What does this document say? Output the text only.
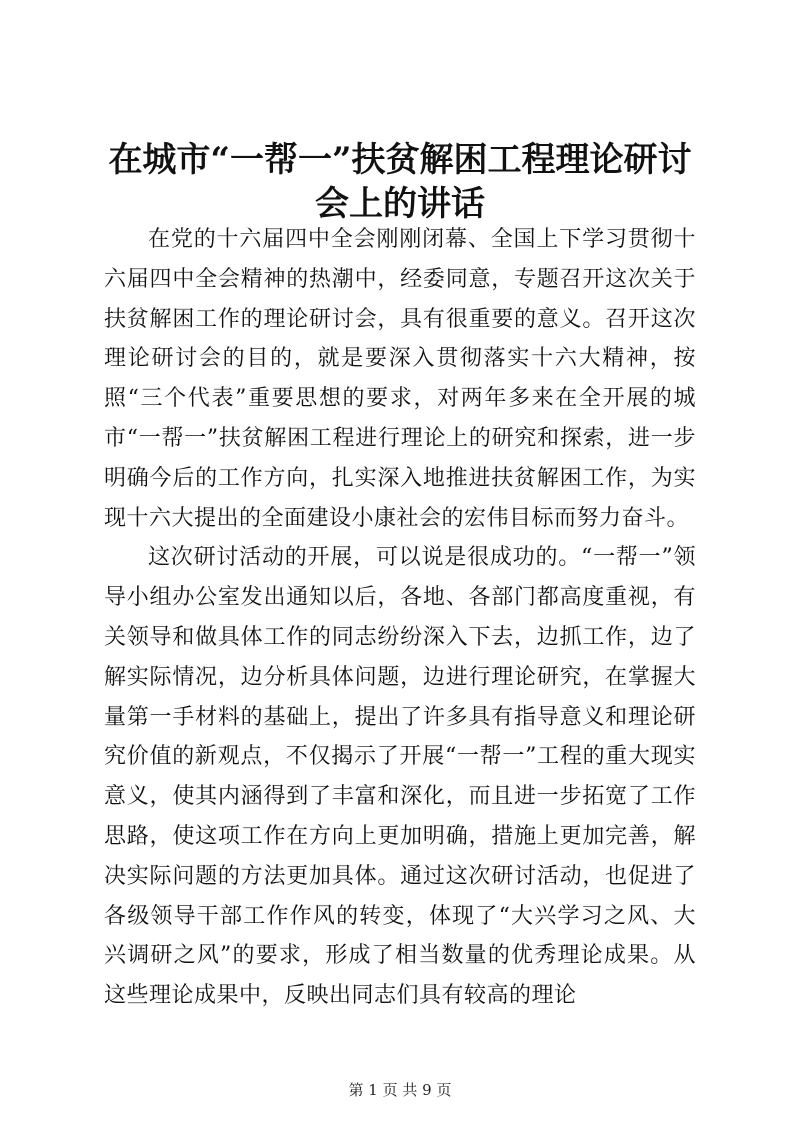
在城市“一帮一”扶贫解困工程理论研讨会上的讲话

在党的十六届四中全会刚刚闭幕、全国上下学习贯彻十六届四中全会精神的热潮中，经委同意，专题召开这次关于扶贫解困工作的理论研讨会，具有很重要的意义。召开这次理论研讨会的目的，就是要深入贯彻落实十六大精神，按照“三个代表”重要思想的要求，对两年多来在全开展的城市“一帮一”扶贫解困工程进行理论上的研究和探索，进一步明确今后的工作方向，扎实深入地推进扶贫解困工作，为实现十六大提出的全面建设小康社会的宏伟目标而努力奋斗。

这次研讨活动的开展，可以说是很成功的。“一帮一”领导小组办公室发出通知以后，各地、各部门都高度重视，有关领导和做具体工作的同志纷纷深入下去，边抓工作，边了解实际情况，边分析具体问题，边进行理论研究，在掌握大量第一手材料的基础上，提出了许多具有指导意义和理论研究价值的新观点，不仅揭示了开展“一帮一”工程的重大现实意义，使其内涵得到了丰富和深化，而且进一步拓宽了工作思路，使这项工作在方向上更加明确，措施上更加完善，解决实际问题的方法更加具体。通过这次研讨活动，也促进了各级领导干部工作作风的转变，体现了“大兴学习之风、大兴调研之风”的要求，形成了相当数量的优秀理论成果。从这些理论成果中，反映出同志们具有较高的理论

第 1 页 共 9 页
